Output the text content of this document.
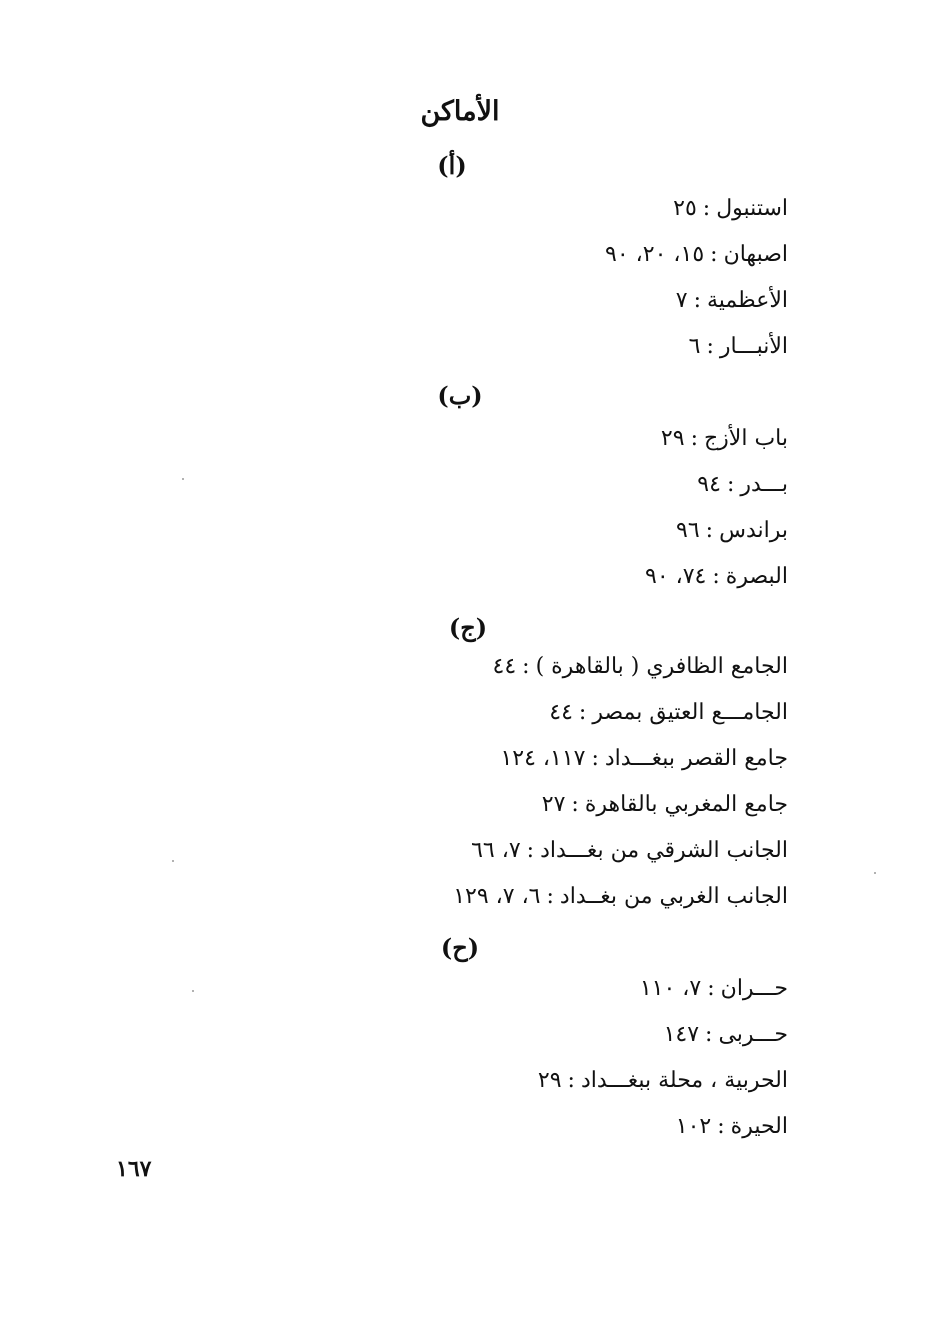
الأماكن
(أ)
استنبول:٢٥
اصبهان:١٥، ٢٠، ٩٠
الأعظمية:٧
الأنبـــار:٦
(ب)
باب الأزج:٢٩
بـــدر:٩٤
براندس:٩٦
البصرة:٧٤، ٩٠
(ج)
الجامع الظافري ( بالقاهرة ):٤٤
الجامـــع العتيق بمصر:٤٤
جامع القصر ببغـــداد:١١٧، ١٢٤
جامع المغربي بالقاهرة:٢٧
الجانب الشرقي من بغـــداد:٧، ٦٦
الجانب الغربي من بغــداد:٦، ٧، ١٢٩
(ح)
حـــران:٧، ١١٠
حـــربى:١٤٧
الحربية ، محلة ببغـــداد:٢٩
الحيرة:١٠٢
١٦٧
